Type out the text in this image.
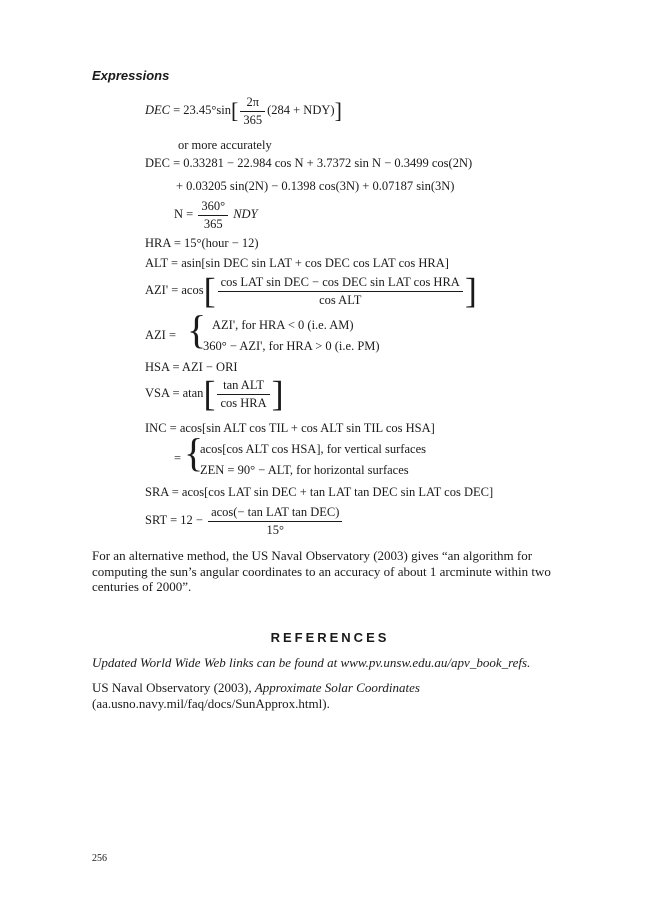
Expressions
DEC = $23.45^\circ\sin[ \frac{2\pi}{365} (284 + NDY)]$
or more accurately
DEC = 0.33281 − 22.984 cos N + 3.7372 sin N − 0.3499 cos(2N)
+ 0.03205 sin(2N) − 0.1398 cos(3N) + 0.07187 sin(3N)
$N = \frac{360^\circ}{365}$ NDY
HRA = 15°(hour − 12)
ALT = asin[sin DEC sin LAT + cos DEC cos LAT cos HRA]
$AZI' = acos[ \frac{\text{cos LAT sin DEC − cos DEC sin LAT cos HRA}}{\text{cos ALT}}$ ]
AZI = { AZI', for HRA < 0 (i.e. AM)
360° − AZI', for HRA > 0 (i.e. PM)
HSA = AZI − ORI
VSA = $atan[ \frac{\text{tan ALT}}{\text{cos HRA}}$ ]
INC = acos[sin ALT cos TIL + cos ALT sin TIL cos HSA]
= {
acos[cos ALT cos HSA], for vertical surfaces
ZEN = 90° − ALT, for horizontal surfaces
SRA = acos[cos LAT sin DEC + tan LAT tan DEC sin LAT cos DEC]
SRT = $12 - \frac{\text{acos(− tan LAT tan DEC)}}{15^\circ}$
For an alternative method, the US Naval Observatory (2003) gives “an algorithm for computing the sun’s angular coordinates to an accuracy of about 1 arcminute within two centuries of 2000”.
REFERENCES
Updated World Wide Web links can be found at www.pv.unsw.edu.au/apv_book_refs.
US Naval Observatory (2003), Approximate Solar Coordinates
(aa.usno.navy.mil/faq/docs/SunApprox.html).
256
